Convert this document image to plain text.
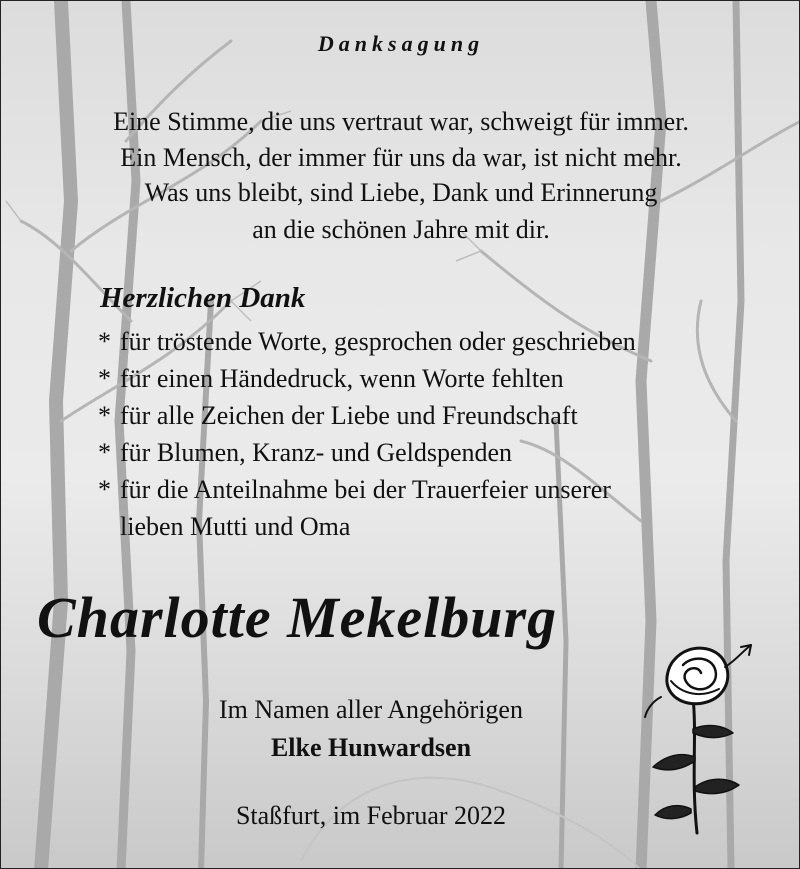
Danksagung
Eine Stimme, die uns vertraut war, schweigt für immer.
Ein Mensch, der immer für uns da war, ist nicht mehr.
Was uns bleibt, sind Liebe, Dank und Erinnerung
an die schönen Jahre mit dir.
Herzlichen Dank
* für tröstende Worte, gesprochen oder geschrieben
* für einen Händedruck, wenn Worte fehlten
* für alle Zeichen der Liebe und Freundschaft
* für Blumen, Kranz- und Geldspenden
* für die Anteilnahme bei der Trauerfeier unserer
lieben Mutti und Oma
Charlotte Mekelburg
Im Namen aller Angehörigen
Elke Hunwardsen
Staßfurt, im Februar 2022
